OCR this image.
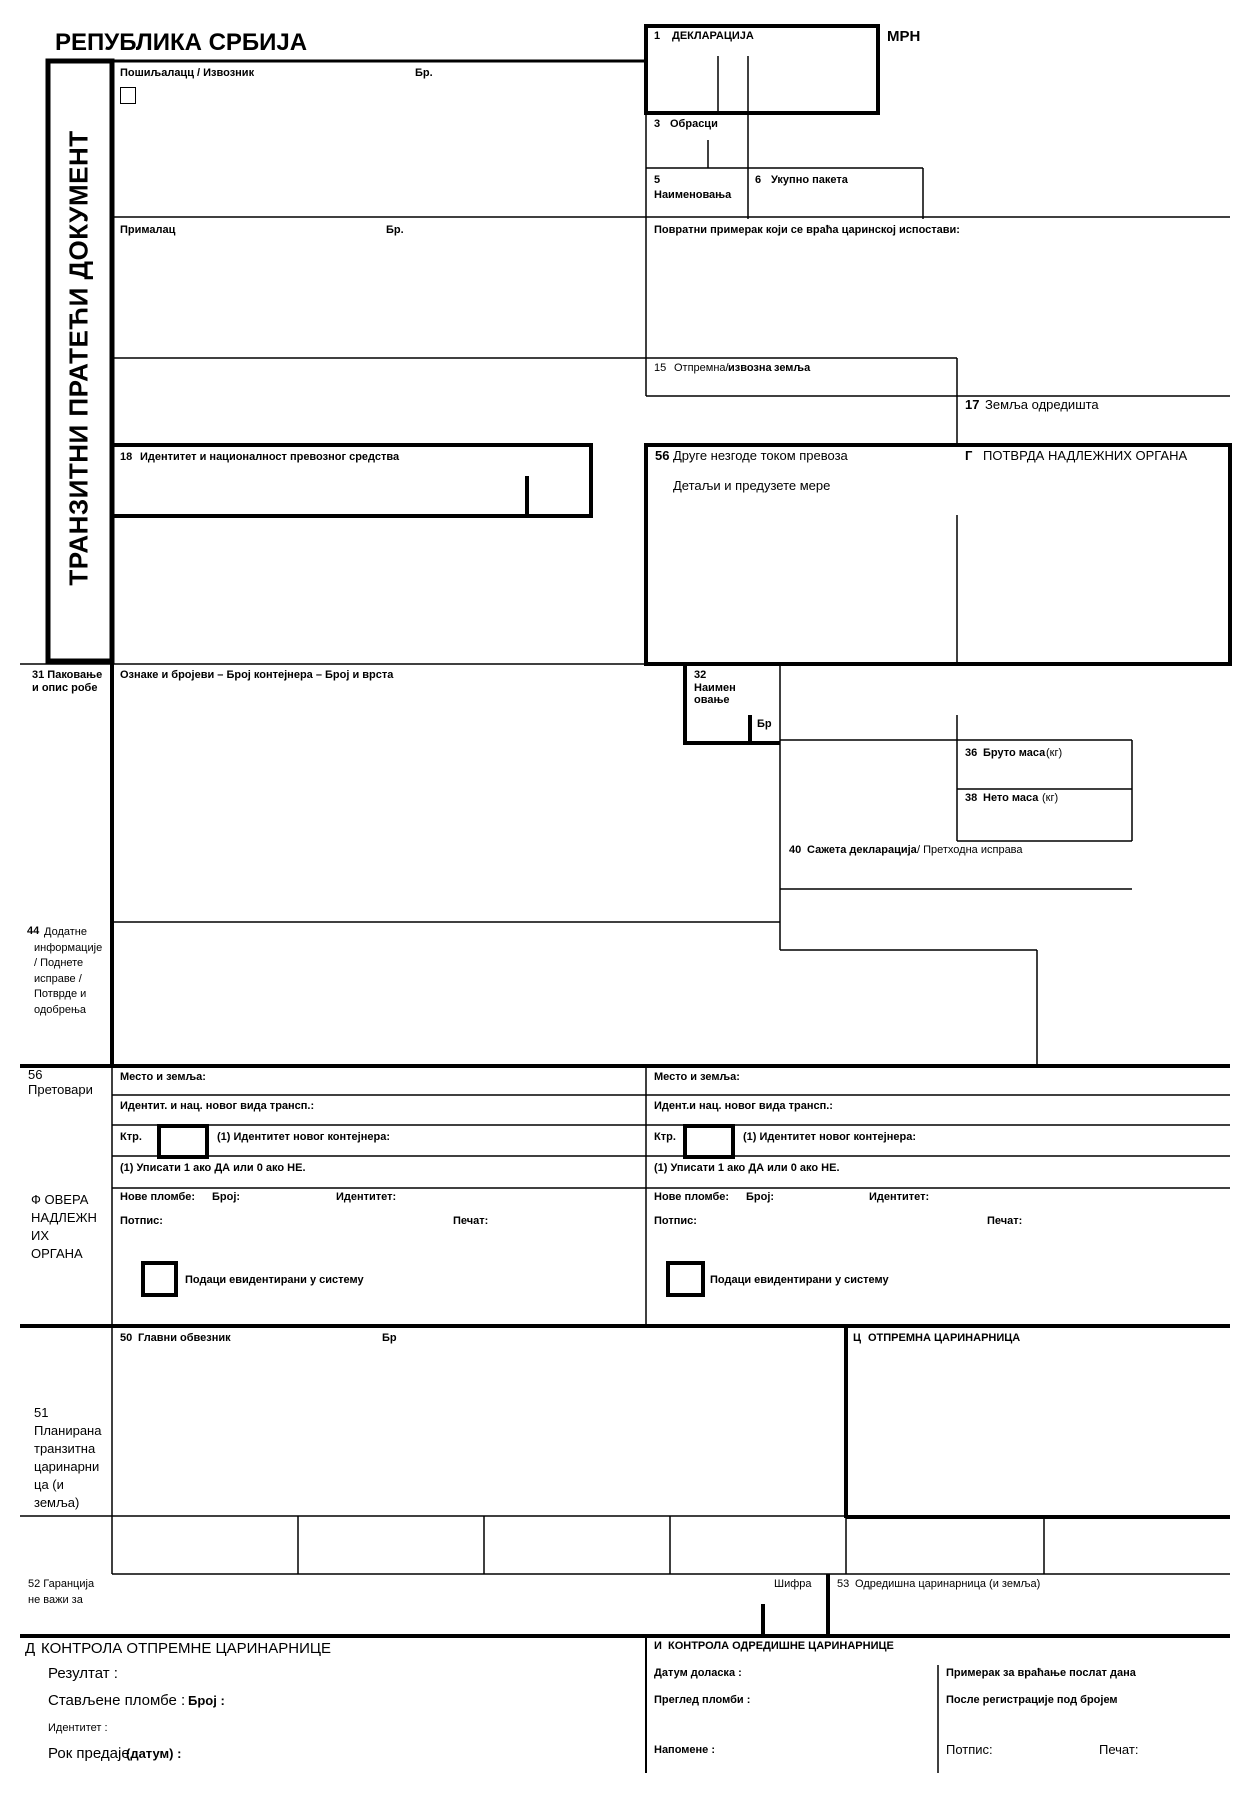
РЕПУБЛИКА СРБИЈА
ТРАНЗИТНИ ПРАТЕЋИ ДОКУМЕНТ
МРН
1 ДЕКЛАРАЦИЈА
3 Обрасци
5
Наименовања
6 Укупно пакета
Пошиљалацц / Извозник	Бр.
Прималац	Бр.	Повратни примерак који се враћа царинској испостави:
15 Отпремна/ извозна земља
17 Земља одредишта
18 Идентитет и националност превозног средства	56 Друге незгоде током превоза
Детаљи и предузете мере
Г ПОТВРДА НАДЛЕЖНИХ ОРГАНА
31 Паковање
и опис робе
Ознаке и бројеви – Број контејнера – Број и врста	32
Наимен
овање
Бр
36 Бруто маса (кг)
38 Нето маса (кг)
40 Сажета декларација / Претходна исправа
44 Додатне
информације
/ Поднете
исправе /
Потврде и
одобрења
56
Претовари
Место и земља:
Идентит. и нац. новог вида трансп.:
Ктр.	(1) Идентитет новог контејнера:
(1) Уписати 1 ако ДА или 0 ако НЕ.
Место и земља:
Идент.и нац. новог вида трансп.:
Ктр.	(1) Идентитет новог контејнера:
(1) Уписати 1 ако ДА или 0 ако НЕ.
Ф ОВЕРА
НАДЛЕЖН
ИХ
ОРГАНА
Нове пломбе: Број:	Идентитет:
Потпис:	Печат:
Подаци евидентирани у систему
Нове пломбе: Број:	Идентитет:
Потпис:	Печат:
Подаци евидентирани у систему
50 Главни обвезник	Бр	Ц ОТПРЕМНА ЦАРИНАРНИЦА
51
Планирана
транзитна
царинарни
ца (и
земља)
52 Гаранција
не важи за
Шифра 53 Одредишна царинарница (и земља)
Д КОНТРОЛА ОТПРЕМНЕ ЦАРИНАРНИЦЕ
Резултат :
Стављене пломбе : Број :
Идентитет :
Рок предаје
(датум) :
И КОНТРОЛА ОДРЕДИШНЕ ЦАРИНАРНИЦЕ
Датум доласка :
Преглед пломби :
Напомене :
Примерак за враћање послат дана
После регистрације под бројем
Потпис:	Печат:
